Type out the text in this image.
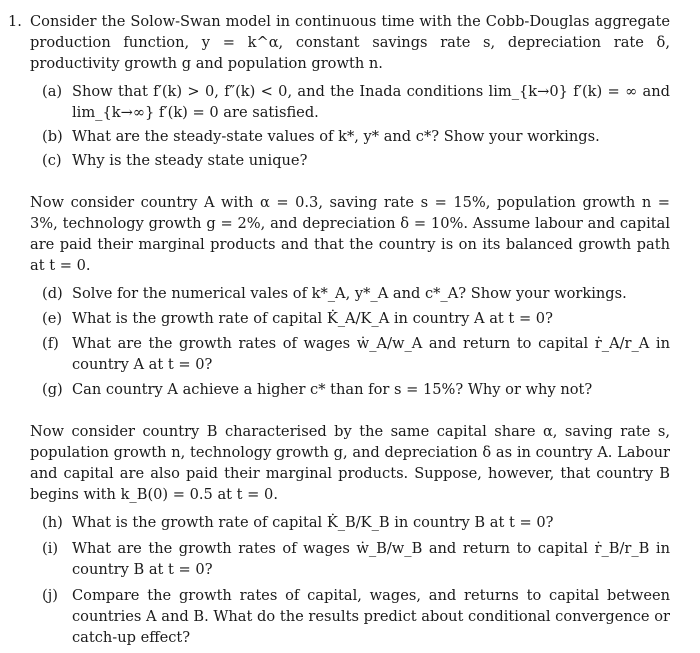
1. Consider the Solow-Swan model in continuous time with the Cobb-Douglas aggregate production function, y = k^α, constant savings rate s, depreciation rate δ, productivity growth g and population growth n.
(a) Show that f′(k) > 0, f″(k) < 0, and the Inada conditions lim_{k→0} f′(k) = ∞ and lim_{k→∞} f′(k) = 0 are satisfied.
(b) What are the steady-state values of k*, y* and c*? Show your workings.
(c) Why is the steady state unique?
Now consider country A with α = 0.3, saving rate s = 15%, population growth n = 3%, technology growth g = 2%, and depreciation δ = 10%. Assume labour and capital are paid their marginal products and that the country is on its balanced growth path at t = 0.
(d) Solve for the numerical vales of k*_A, y*_A and c*_A? Show your workings.
(e) What is the growth rate of capital K̇_A/K_A in country A at t = 0?
(f) What are the growth rates of wages ẇ_A/w_A and return to capital ṙ_A/r_A in country A at t = 0?
(g) Can country A achieve a higher c* than for s = 15%? Why or why not?
Now consider country B characterised by the same capital share α, saving rate s, population growth n, technology growth g, and depreciation δ as in country A. Labour and capital are also paid their marginal products. Suppose, however, that country B begins with k_B(0) = 0.5 at t = 0.
(h) What is the growth rate of capital K̇_B/K_B in country B at t = 0?
(i) What are the growth rates of wages ẇ_B/w_B and return to capital ṙ_B/r_B in country B at t = 0?
(j) Compare the growth rates of capital, wages, and returns to capital between countries A and B. What do the results predict about conditional convergence or catch-up effect?
